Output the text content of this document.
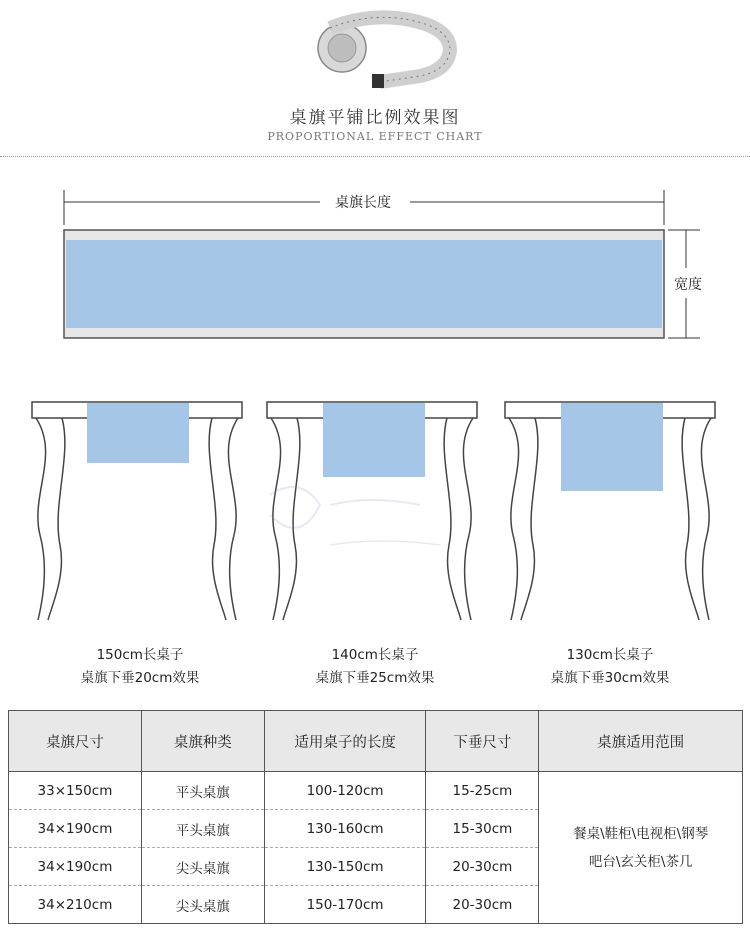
桌旗平铺比例效果图
PROPORTIONAL EFFECT CHART
桌旗长度
宽度
150cm长桌子
桌旗下垂20cm效果
140cm长桌子
桌旗下垂25cm效果
130cm长桌子
桌旗下垂30cm效果
桌旗尺寸	桌旗种类	适用桌子的长度	下垂尺寸	桌旗适用范围
33×150cm	平头桌旗	100-120cm	15-25cm	餐桌\鞋柜\电视柜\钢琴
吧台\玄关柜\茶几

34×190cm	平头桌旗	130-160cm	15-30cm	
34×190cm	尖头桌旗	130-150cm	20-30cm	
34×210cm	尖头桌旗	150-170cm	20-30cm	
